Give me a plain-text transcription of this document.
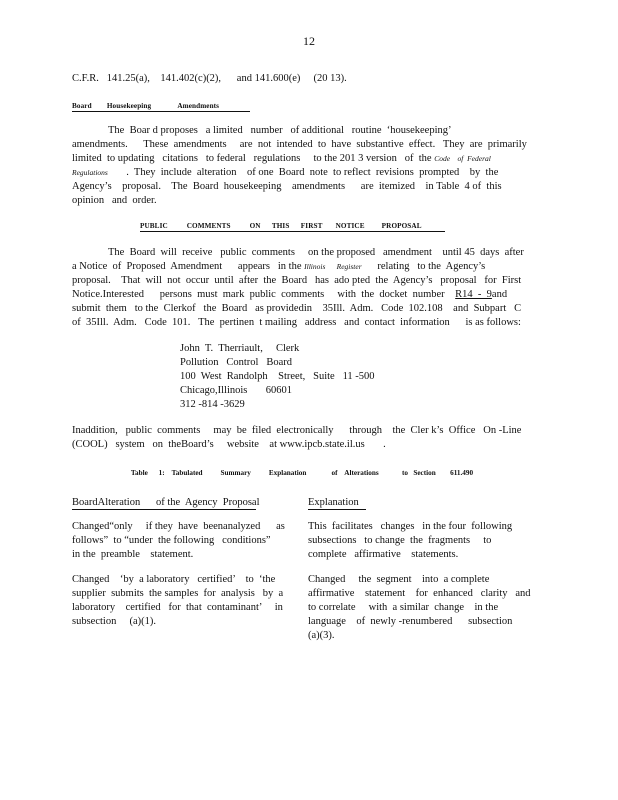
12
C.F.R.   141.25(a),    141.402(c)(2),      and 141.600(e)     (20 13).
Board        Housekeeping              Amendments

The  Boar d proposes   a limited   number   of additional   routine  ‘housekeeping’

amendments.      These  amendments     are  not  intended  to  have  substantive  effect.   They  are  primarily

limited  to updating   citations   to federal   regulations     to the 201 3 version   of  the Code    of  Federal

Regulations       .  They  include  alteration    of one  Board  note  to reflect  revisions  prompted    by  the

Agency’s    proposal.    The  Board  housekeeping    amendments      are  itemized    in Table  4 of  this

opinion   and  order.

PUBLIC          COMMENTS          ON      THIS      FIRST       NOTICE         PROPOSAL

The  Board  will  receive   public  comments     on the proposed   amendment    until 45  days  after

a Notice  of  Proposed  Amendment      appears   in the Illinois      Register      relating   to the  Agency’s

proposal.    That  will  not  occur  until  after  the  Board   has  ado pted  the  Agency’s   proposal   for  First

Notice.Interested      persons  must  mark  public  comments     with  the  docket  number    R14  -  9and

submit  them   to the  Clerkof   the  Board   as providedin    35Ill.  Adm.   Code  102.108    and  Subpart   C

of  35Ill.  Adm.   Code  101.   The  pertinen  t mailing   address   and  contact  information      is as follows:

John  T.  Therriault,     Clerk
Pollution   Control   Board
100  West  Randolph    Street,   Suite   11 -500
Chicago,Illinois       60601
312 -814 -3629

Inaddition,   public  comments     may  be  filed  electronically      through    the  Cler k’s  Office   On -Line

(COOL)   system   on  theBoard’s     website    at www.ipcb.state.il.us       .

Table      1:    Tabulated          Summary          Explanation              of    Alterations             to   Section        611.490
BoardAlteration      of the  Agency  Proposal	Explanation
Changed“only     if they  have  beenanalyzed      as
follows”  to “under  the following   conditions”
in the  preamble    statement.
This  facilitates   changes   in the four  following
subsections   to change  the  fragments     to
complete   affirmative    statements.
Changed    ‘by  a laboratory   certified’    to  ‘the
supplier  submits  the samples  for  analysis   by  a
laboratory    certified   for  that  contaminant’     in
subsection     (a)(1).
Changed     the  segment    into  a complete
affirmative    statement    for  enhanced   clarity   and
to correlate     with  a similar  change    in the
language    of  newly -renumbered      subsection
(a)(3).
